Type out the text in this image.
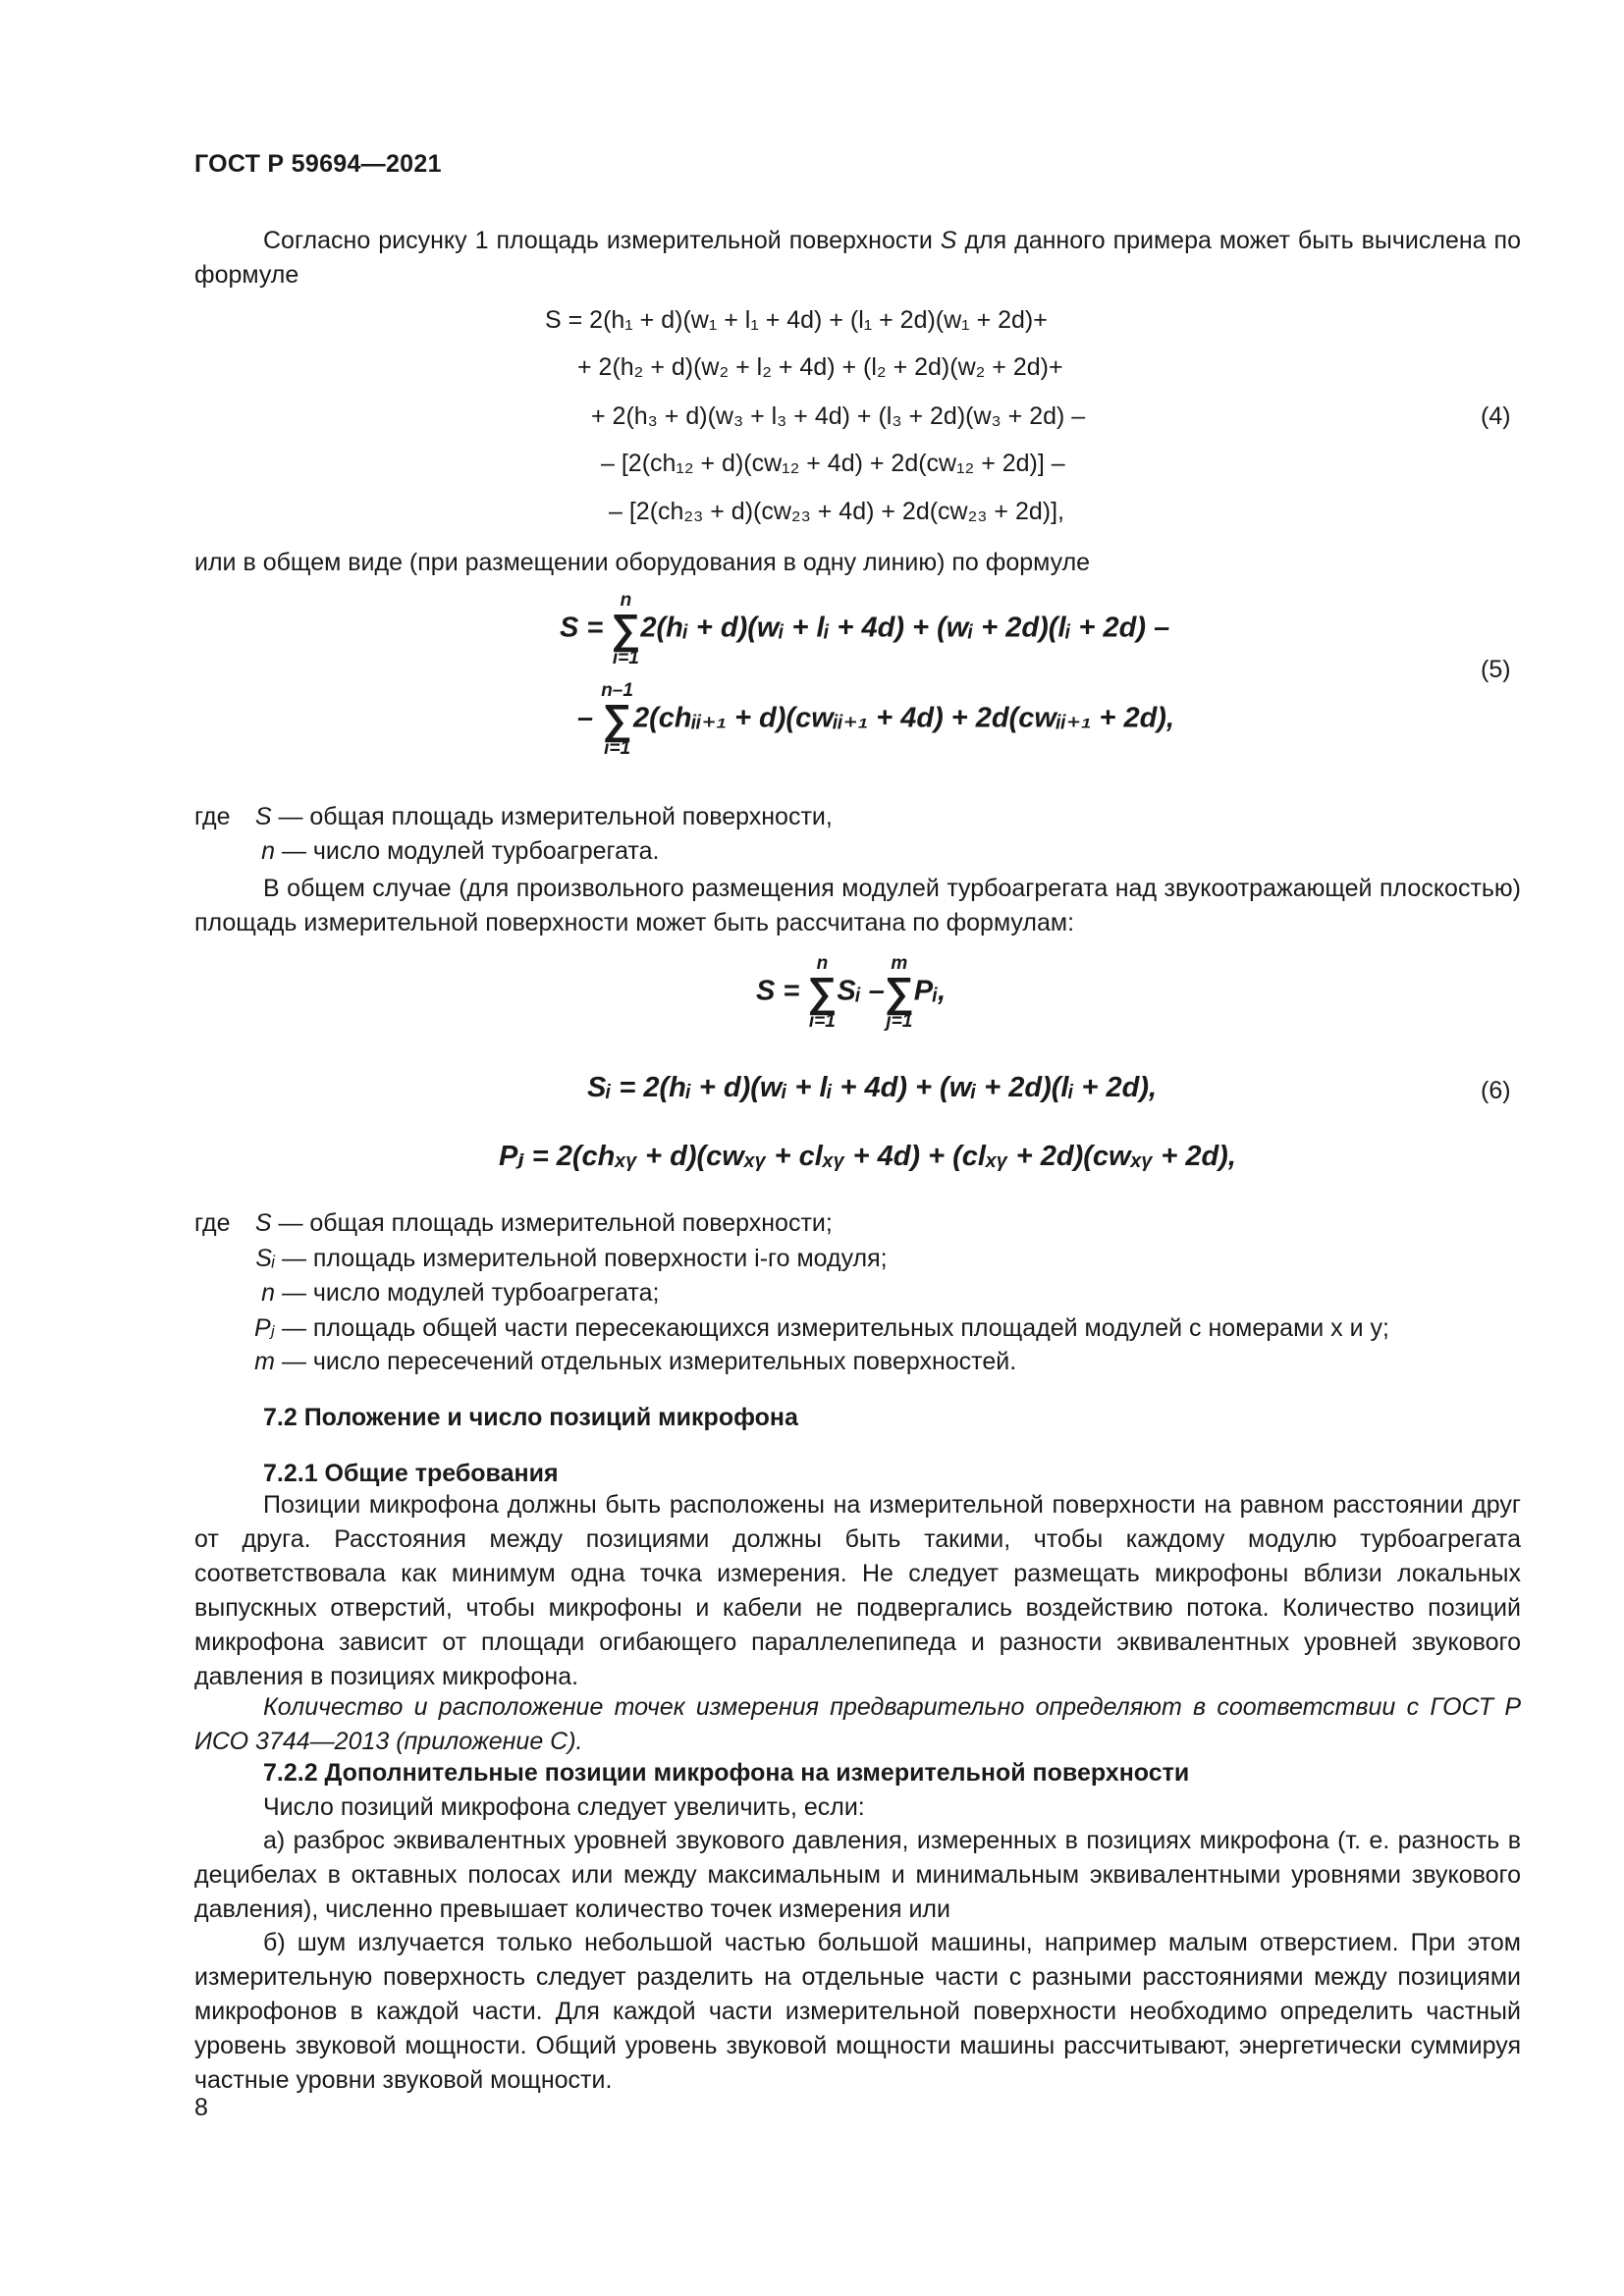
ГОСТ Р 59694—2021
Согласно рисунку 1 площадь измерительной поверхности S для данного примера может быть вычислена по формуле
S = 2(h₁ + d)(w₁ + l₁ + 4d) + (l₁ + 2d)(w₁ + 2d)+
+ 2(h₂ + d)(w₂ + l₂ + 4d) + (l₂ + 2d)(w₂ + 2d)+
+ 2(h₃ + d)(w₃ + l₃ + 4d) + (l₃ + 2d)(w₃ + 2d) –
– [2(ch₁₂ + d)(cw₁₂ + 4d) + 2d(cw₁₂ + 2d)] –
– [2(ch₂₃ + d)(cw₂₃ + 4d) + 2d(cw₂₃ + 2d)],
(4)
или в общем виде (при размещении оборудования в одну линию) по формуле
S =
n
∑
i=1
2(hᵢ + d)(wᵢ + lᵢ + 4d) + (wᵢ + 2d)(lᵢ + 2d) –
–
n–1
∑
i=1
2(chᵢᵢ₊₁ + d)(cwᵢᵢ₊₁ + 4d) + 2d(cwᵢᵢ₊₁ + 2d),
(5)
где S — общая площадь измерительной поверхности,
n — число модулей турбоагрегата.
В общем случае (для произвольного размещения модулей турбоагрегата над звукоотражающей плоскостью) площадь измерительной поверхности может быть рассчитана по формулам:
S =
n
∑
i=1
Sᵢ –
m
∑
j=1
Pᵢ,
Sᵢ = 2(hᵢ + d)(wᵢ + lᵢ + 4d) + (wᵢ + 2d)(lᵢ + 2d),
Pⱼ = 2(chₓᵧ + d)(cwₓᵧ + clₓᵧ + 4d) + (clₓᵧ + 2d)(cwₓᵧ + 2d),
(6)
где S — общая площадь измерительной поверхности;
Sᵢ — площадь измерительной поверхности i-го модуля;
n — число модулей турбоагрегата;
Pⱼ — площадь общей части пересекающихся измерительных площадей модулей с номерами x и y;
m — число пересечений отдельных измерительных поверхностей.
7.2 Положение и число позиций микрофона
7.2.1 Общие требования
Позиции микрофона должны быть расположены на измерительной поверхности на равном расстоянии друг от друга. Расстояния между позициями должны быть такими, чтобы каждому модулю турбоагрегата соответствовала как минимум одна точка измерения. Не следует размещать микрофоны вблизи локальных выпускных отверстий, чтобы микрофоны и кабели не подвергались воздействию потока. Количество позиций микрофона зависит от площади огибающего параллелепипеда и разности эквивалентных уровней звукового давления в позициях микрофона.
Количество и расположение точек измерения предварительно определяют в соответствии с ГОСТ Р ИСО 3744—2013 (приложение С).
7.2.2 Дополнительные позиции микрофона на измерительной поверхности
Число позиций микрофона следует увеличить, если:
а) разброс эквивалентных уровней звукового давления, измеренных в позициях микрофона (т. е. разность в децибелах в октавных полосах или между максимальным и минимальным эквивалентными уровнями звукового давления), численно превышает количество точек измерения или
б) шум излучается только небольшой частью большой машины, например малым отверстием. При этом измерительную поверхность следует разделить на отдельные части с разными расстояниями между позициями микрофонов в каждой части. Для каждой части измерительной поверхности необходимо определить частный уровень звуковой мощности. Общий уровень звуковой мощности машины рассчитывают, энергетически суммируя частные уровни звуковой мощности.
8
